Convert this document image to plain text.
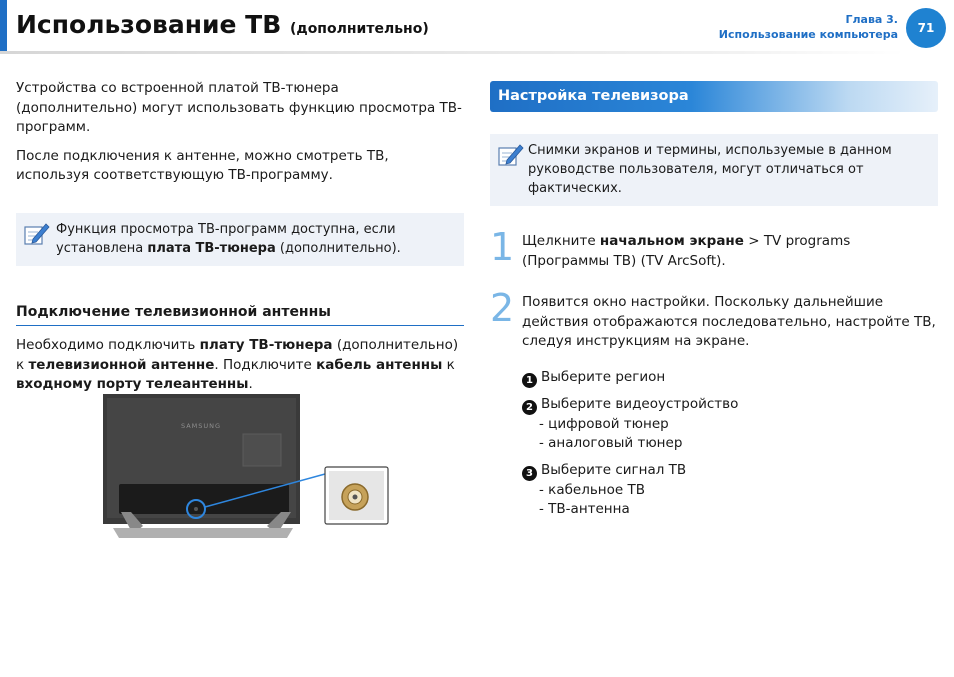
Использование ТВ (дополнительно)
Глава 3.
Использование компьютера	71

Устройства со встроенной платой ТВ-тюнера (дополнительно) могут использовать функцию просмотра ТВ-программ.

После подключения к антенне, можно смотреть ТВ, используя соответствующую ТВ-программу.

Функция просмотра ТВ-программ доступна, если установлена плата ТВ-тюнера (дополнительно).

Подключение телевизионной антенны

Необходимо подключить плату ТВ-тюнера (дополнительно) к телевизионной антенне. Подключите кабель антенны к входному порту телеантенны.

SAMSUNG
Настройка телевизора

Снимки экранов и термины, используемые в данном руководстве пользователя, могут отличаться от фактических.

1 Щелкните начальном экране > TV programs (Программы ТВ) (TV ArcSoft).

2 Появится окно настройки. Поскольку дальнейшие действия отображаются последовательно, настройте ТВ, следуя инструкциям на экране.

1 Выберите регион
2 Выберите видеоустройство
- цифровой тюнер
- аналоговый тюнер
3 Выберите сигнал ТВ
- кабельное ТВ
- ТВ-антенна
